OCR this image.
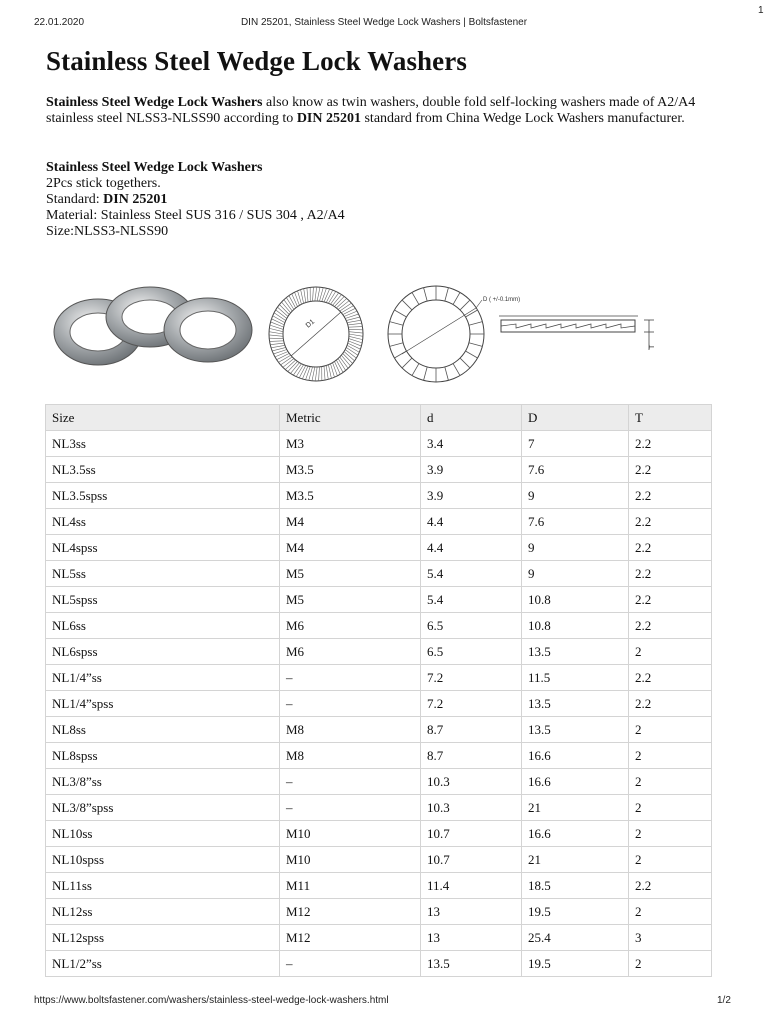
22.01.2020	DIN 25201, Stainless Steel Wedge Lock Washers | Boltsfastener
1
Stainless Steel Wedge Lock Washers

Stainless Steel Wedge Lock Washers also know as twin washers, double fold self-locking washers made of A2/A4 stainless steel NLSS3-NLSS90 according to DIN 25201 standard from China Wedge Lock Washers manufacturer.

Stainless Steel Wedge Lock Washers
2Pcs stick togethers.
Standard: DIN 25201
Material: Stainless Steel SUS 316 / SUS 304 , A2/A4
Size:NLSS3-NLSS90
D1
D ( +/-0.1mm)
T
Size	Metric	d	D	T
NL3ss	M3	3.4	7	2.2
NL3.5ss	M3.5	3.9	7.6	2.2
NL3.5spss	M3.5	3.9	9	2.2
NL4ss	M4	4.4	7.6	2.2
NL4spss	M4	4.4	9	2.2
NL5ss	M5	5.4	9	2.2
NL5spss	M5	5.4	10.8	2.2
NL6ss	M6	6.5	10.8	2.2
NL6spss	M6	6.5	13.5	2
NL1/4”ss	–	7.2	11.5	2.2
NL1/4”spss	–	7.2	13.5	2.2
NL8ss	M8	8.7	13.5	2
NL8spss	M8	8.7	16.6	2
NL3/8”ss	–	10.3	16.6	2
NL3/8”spss	–	10.3	21	2
NL10ss	M10	10.7	16.6	2
NL10spss	M10	10.7	21	2
NL11ss	M11	11.4	18.5	2.2
NL12ss	M12	13	19.5	2
NL12spss	M12	13	25.4	3
NL1/2”ss	–	13.5	19.5	2
https://www.boltsfastener.com/washers/stainless-steel-wedge-lock-washers.html	1/2
